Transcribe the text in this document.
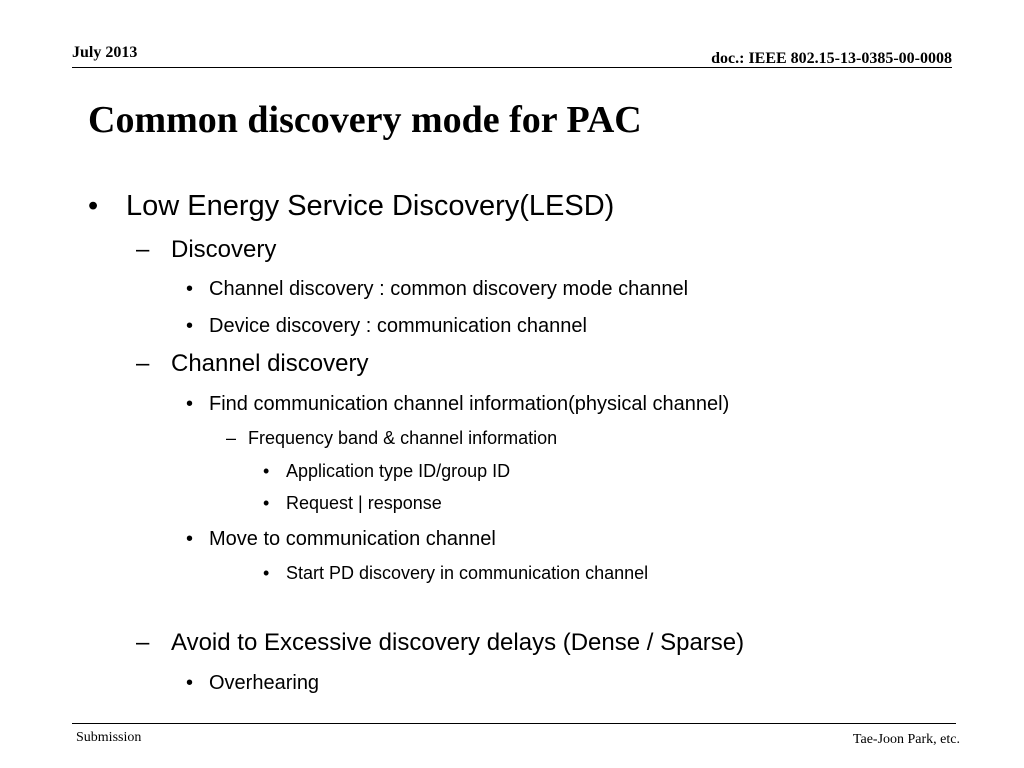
July 2013	doc.: IEEE 802.15-13-0385-00-0008
Common discovery mode for PAC
• Low Energy Service Discovery(LESD)
– Discovery
• Channel discovery : common discovery mode channel
• Device discovery : communication channel
– Channel discovery
• Find communication channel information(physical channel)
– Frequency band & channel information
• Application type ID/group ID
• Request | response
• Move to communication channel
• Start PD discovery in communication channel
– Avoid to Excessive discovery delays (Dense / Sparse)
• Overhearing
Submission	Tae-Joon Park, etc.
